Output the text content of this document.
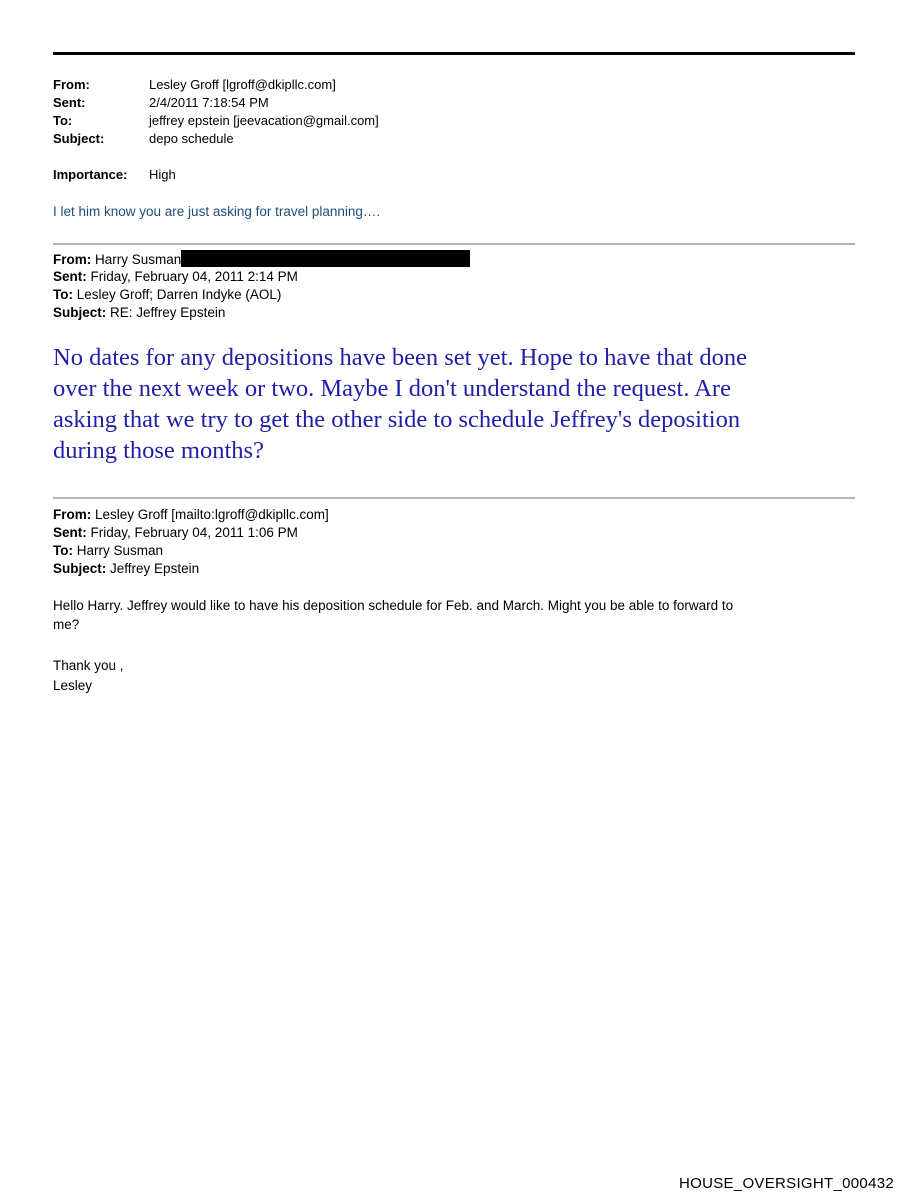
From:	Lesley Groff [lgroff@dkipllc.com]
Sent:	2/4/2011 7:18:54 PM
To:	jeffrey epstein [jeevacation@gmail.com]
Subject:	depo schedule
Importance: High
I let him know you are just asking for travel planning….
From: Harry Susman
Sent: Friday, February 04, 2011 2:14 PM
To: Lesley Groff; Darren Indyke (AOL)
Subject: RE: Jeffrey Epstein
No dates for any depositions have been set yet. Hope to have that done
over the next week or two. Maybe I don't understand the request. Are
asking that we try to get the other side to schedule Jeffrey's deposition
during those months?
From: Lesley Groff [mailto:lgroff@dkipllc.com]
Sent: Friday, February 04, 2011 1:06 PM
To: Harry Susman
Subject: Jeffrey Epstein
Hello Harry. Jeffrey would like to have his deposition schedule for Feb. and March. Might you be able to forward to
me?
Thank you ,
Lesley
HOUSE_OVERSIGHT_000432
